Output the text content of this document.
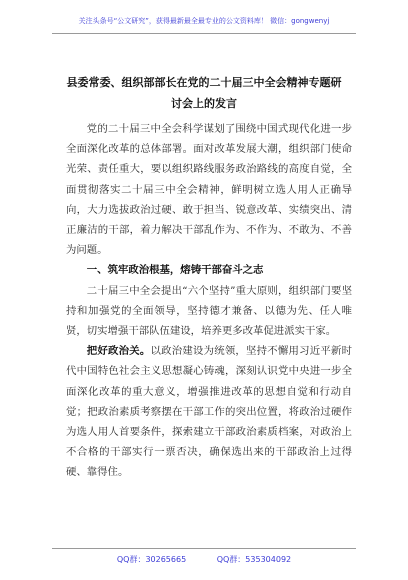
关注头条号“公文研究”，获得最新最全最专业的公文资料库！ 微信：gongwenyj
县委常委、组织部部长在党的二十届三中全会精神专题研
讨会上的发言

党的二十届三中全会科学谋划了围绕中国式现代化进一步全面深化改革的总体部署。面对改革发展大潮，组织部门使命光荣、责任重大，要以组织路线服务政治路线的高度自觉，全面贯彻落实二十届三中全会精神，鲜明树立选人用人正确导向，大力选拔政治过硬、敢于担当、锐意改革、实绩突出、清正廉洁的干部，着力解决干部乱作为、不作为、不敢为、不善为问题。

一、筑牢政治根基，熔铸干部奋斗之志

二十届三中全会提出“六个坚持”重大原则，组织部门要坚持和加强党的全面领导，坚持德才兼备、以德为先、任人唯贤，切实增强干部队伍建设，培养更多改革促进派实干家。

把好政治关。以政治建设为统领，坚持不懈用习近平新时代中国特色社会主义思想凝心铸魂，深刻认识党中央进一步全面深化改革的重大意义，增强推进改革的思想自觉和行动自觉；把政治素质考察摆在干部工作的突出位置，将政治过硬作为选人用人首要条件，探索建立干部政治素质档案，对政治上不合格的干部实行一票否决，确保选出来的干部政治上过得硬、靠得住。

QQ群：30265665	QQ群：535304092
